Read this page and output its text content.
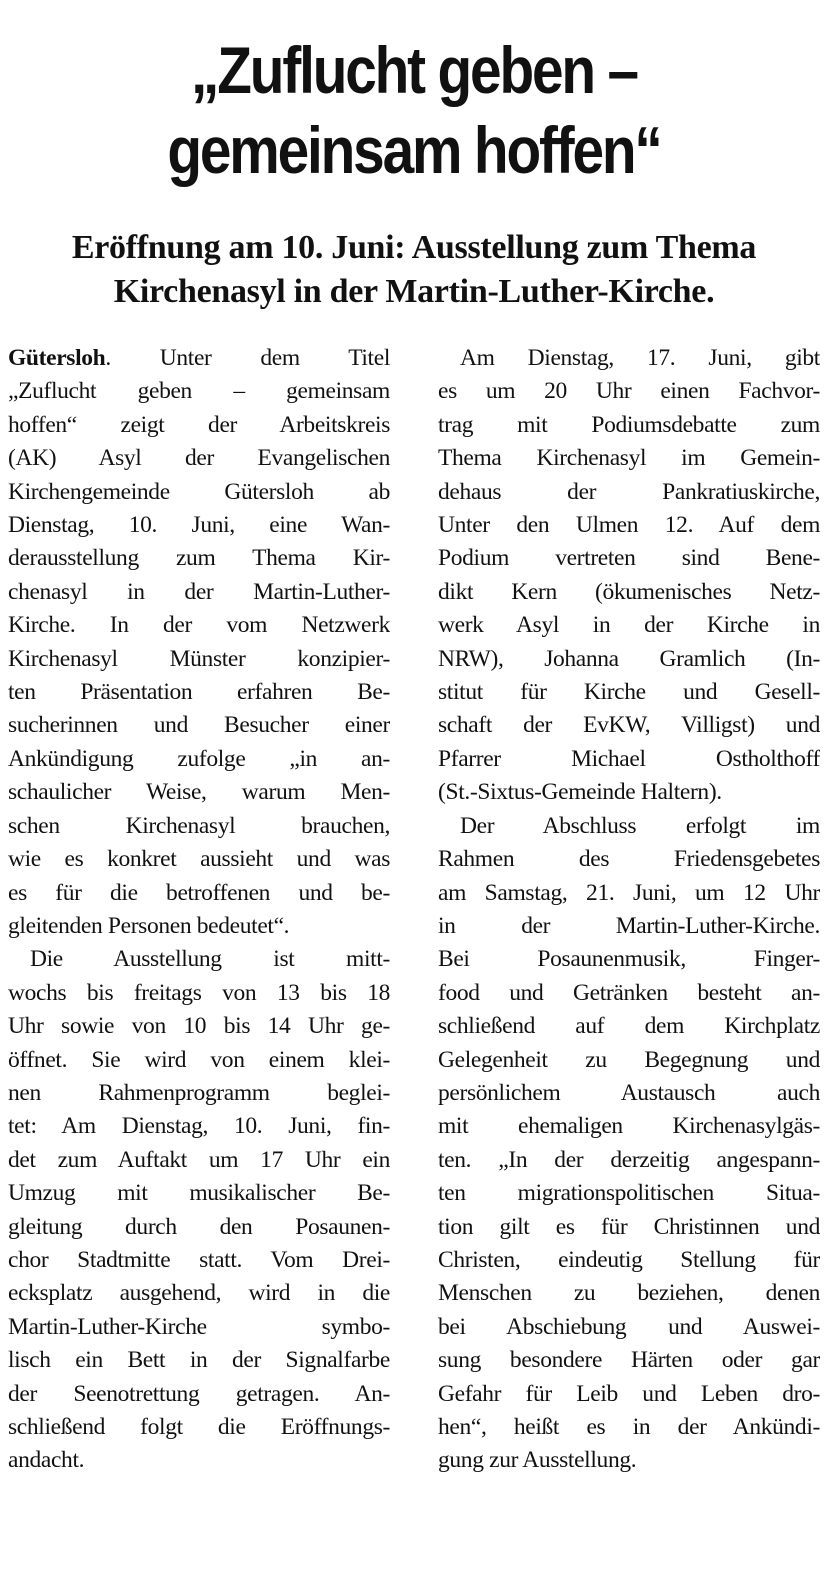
„Zuflucht geben –
gemeinsam hoffen“
Eröffnung am 10. Juni: Ausstellung zum Thema
Kirchenasyl in der Martin-Luther-Kirche.
Gütersloh. Unter dem Titel
„Zuflucht geben – gemeinsam
hoffen“ zeigt der Arbeitskreis
(AK) Asyl der Evangelischen
Kirchengemeinde Gütersloh ab
Dienstag, 10. Juni, eine Wan-
derausstellung zum Thema Kir-
chenasyl in der Martin-Luther-
Kirche. In der vom Netzwerk
Kirchenasyl Münster konzipier-
ten Präsentation erfahren Be-
sucherinnen und Besucher einer
Ankündigung zufolge „in an-
schaulicher Weise, warum Men-
schen Kirchenasyl brauchen,
wie es konkret aussieht und was
es für die betroffenen und be-
gleitenden Personen bedeutet“.
Die Ausstellung ist mitt-
wochs bis freitags von 13 bis 18
Uhr sowie von 10 bis 14 Uhr ge-
öffnet. Sie wird von einem klei-
nen Rahmenprogramm beglei-
tet: Am Dienstag, 10. Juni, fin-
det zum Auftakt um 17 Uhr ein
Umzug mit musikalischer Be-
gleitung durch den Posaunen-
chor Stadtmitte statt. Vom Drei-
ecksplatz ausgehend, wird in die
Martin-Luther-Kirche symbo-
lisch ein Bett in der Signalfarbe
der Seenotrettung getragen. An-
schließend folgt die Eröffnungs-
andacht.
Am Dienstag, 17. Juni, gibt
es um 20 Uhr einen Fachvor-
trag mit Podiumsdebatte zum
Thema Kirchenasyl im Gemein-
dehaus der Pankratiuskirche,
Unter den Ulmen 12. Auf dem
Podium vertreten sind Bene-
dikt Kern (ökumenisches Netz-
werk Asyl in der Kirche in
NRW), Johanna Gramlich (In-
stitut für Kirche und Gesell-
schaft der EvKW, Villigst) und
Pfarrer Michael Ostholthoff
(St.-Sixtus-Gemeinde Haltern).
Der Abschluss erfolgt im
Rahmen des Friedensgebetes
am Samstag, 21. Juni, um 12 Uhr
in der Martin-Luther-Kirche.
Bei Posaunenmusik, Finger-
food und Getränken besteht an-
schließend auf dem Kirchplatz
Gelegenheit zu Begegnung und
persönlichem Austausch auch
mit ehemaligen Kirchenasylgäs-
ten. „In der derzeitig angespann-
ten migrationspolitischen Situa-
tion gilt es für Christinnen und
Christen, eindeutig Stellung für
Menschen zu beziehen, denen
bei Abschiebung und Auswei-
sung besondere Härten oder gar
Gefahr für Leib und Leben dro-
hen“, heißt es in der Ankündi-
gung zur Ausstellung.
